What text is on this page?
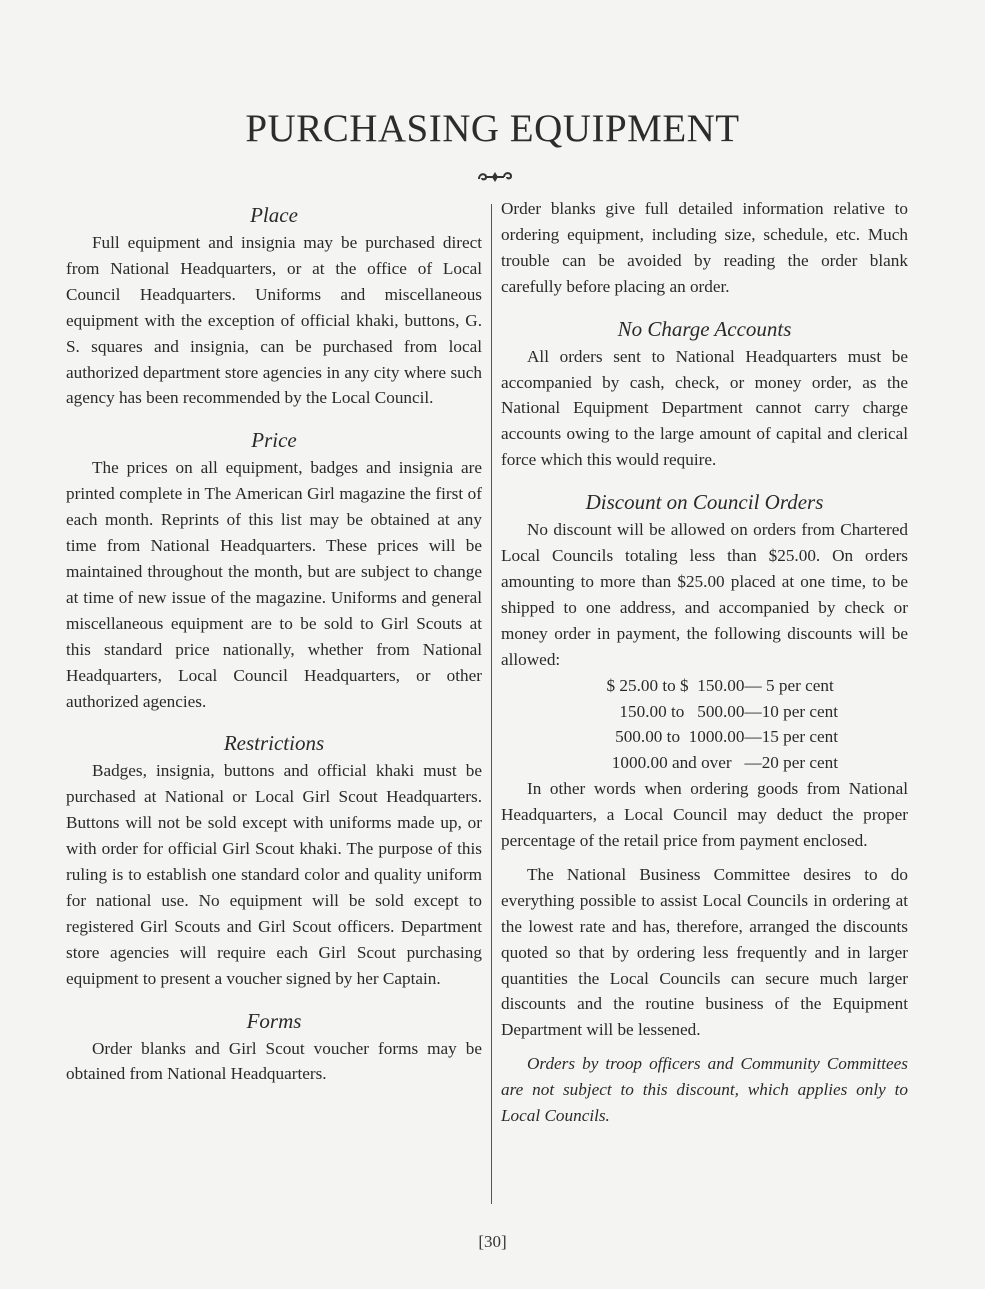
PURCHASING EQUIPMENT
Place

Full equipment and insignia may be purchased direct from National Headquarters, or at the office of Local Council Headquarters. Uniforms and miscellaneous equipment with the exception of official khaki, buttons, G. S. squares and insignia, can be purchased from local authorized department store agencies in any city where such agency has been recommended by the Local Council.

Price

The prices on all equipment, badges and insignia are printed complete in The American Girl magazine the first of each month. Reprints of this list may be obtained at any time from National Headquarters. These prices will be maintained throughout the month, but are subject to change at time of new issue of the magazine. Uniforms and general miscellaneous equipment are to be sold to Girl Scouts at this standard price nationally, whether from National Headquarters, Local Council Headquarters, or other authorized agencies.

Restrictions

Badges, insignia, buttons and official khaki must be purchased at National or Local Girl Scout Headquarters. Buttons will not be sold except with uniforms made up, or with order for official Girl Scout khaki. The purpose of this ruling is to establish one standard color and quality uniform for national use. No equipment will be sold except to registered Girl Scouts and Girl Scout officers. Department store agencies will require each Girl Scout purchasing equipment to present a voucher signed by her Captain.

Forms

Order blanks and Girl Scout voucher forms may be obtained from National Headquarters.

Order blanks give full detailed information relative to ordering equipment, including size, schedule, etc. Much trouble can be avoided by reading the order blank carefully before placing an order.

No Charge Accounts

All orders sent to National Headquarters must be accompanied by cash, check, or money order, as the National Equipment Department cannot carry charge accounts owing to the large amount of capital and clerical force which this would require.

Discount on Council Orders

No discount will be allowed on orders from Chartered Local Councils totaling less than $25.00. On orders amounting to more than $25.00 placed at one time, to be shipped to one address, and accompanied by check or money order in payment, the following discounts will be allowed:

$ 25.00 to $  150.00 — 5 per cent
150.00 to   500.00 —10 per cent
500.00 to  1000.00 —15 per cent
1000.00 and over —20 per cent

In other words when ordering goods from National Headquarters, a Local Council may deduct the proper percentage of the retail price from payment enclosed.

The National Business Committee desires to do everything possible to assist Local Councils in ordering at the lowest rate and has, therefore, arranged the discounts quoted so that by ordering less frequently and in larger quantities the Local Councils can secure much larger discounts and the routine business of the Equipment Department will be lessened.

Orders by troop officers and Community Committees are not subject to this discount, which applies only to Local Councils.

[30]
